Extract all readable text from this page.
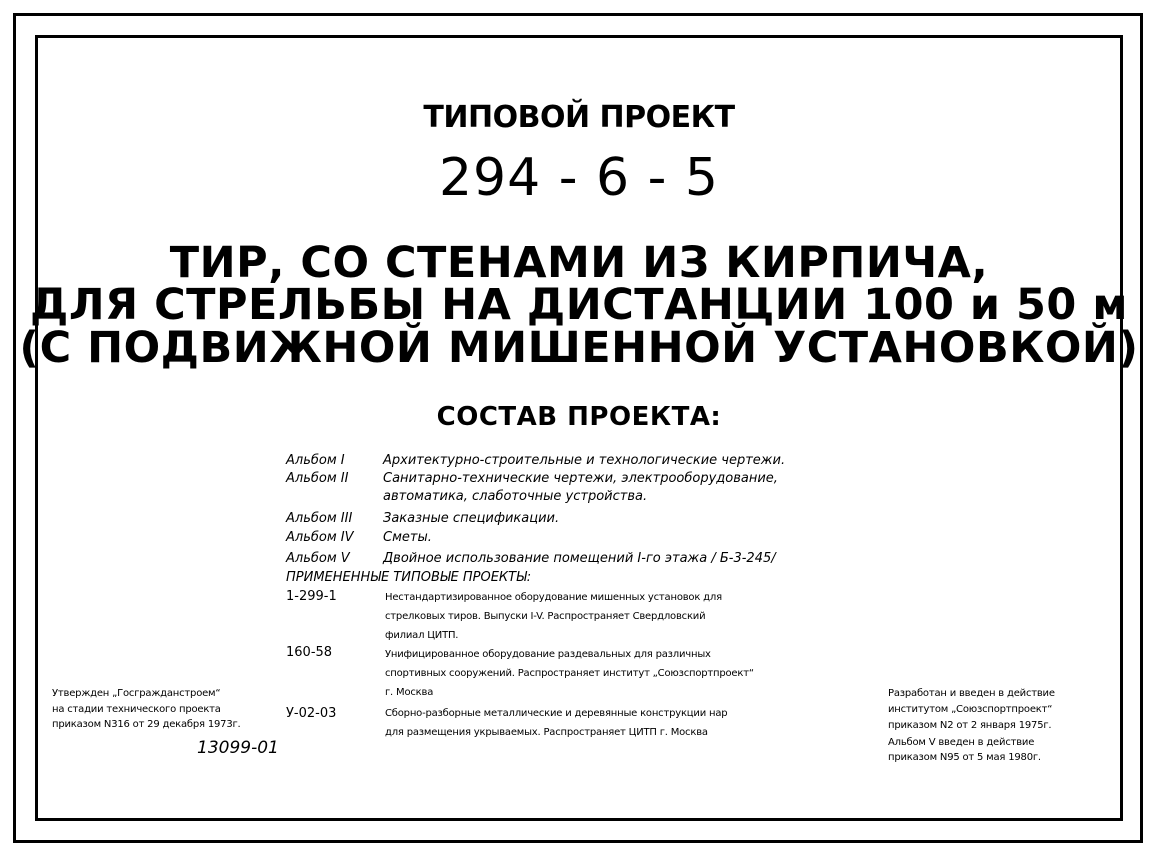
ТИПОВОЙ ПРОЕКТ
294 - 6 - 5
ТИР, СО СТЕНАМИ ИЗ КИРПИЧА,
ДЛЯ СТРЕЛЬБЫ НА ДИСТАНЦИИ 100 и 50 м
(С ПОДВИЖНОЙ МИШЕННОЙ УСТАНОВКОЙ)
СОСТАВ ПРОЕКТА:
Альбом I	Архитектурно-строительные и технологические чертежи.
Альбом II	Санитарно-технические чертежи, электрооборудование,
автоматика, слаботочные устройства.
Альбом III Заказные спецификации.
Альбом IV Сметы.
Альбом V	Двойное использование помещений I-го этажа / Б-3-245/
ПРИМЕНЕННЫЕ ТИПОВЫЕ ПРОЕКТЫ:
1-299-1	Нестандартизированное оборудование мишенных установок для
стрелковых тиров. Выпуски I-V. Распространяет Свердловский
филиал ЦИТП.
160-58	Унифицированное оборудование раздевальных для различных
спортивных сооружений. Распространяет институт „Союзспортпроект“
г. Москва
У-02-03	Сборно-разборные металлические и деревянные конструкции нар
для размещения укрываемых. Распространяет ЦИТП г. Москва
Утвержден „Госгражданстроем“
на стадии технического проекта
приказом N316 от 29 декабря 1973г.
13099-01
Разработан и введен в действие
институтом „Союзспортпроект“
приказом N2 от 2 января 1975г.
Альбом V введен в действие
приказом N95 от 5 мая 1980г.
